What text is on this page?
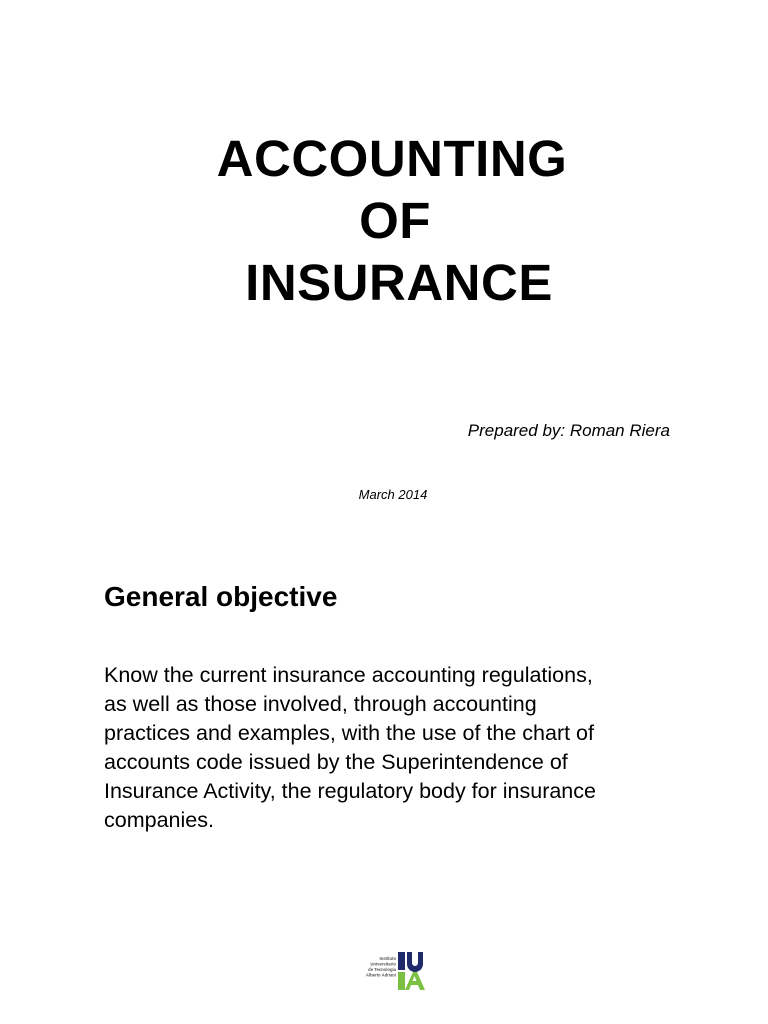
ACCOUNTING
OF
INSURANCE
Prepared by: Roman Riera
March 2014
General objective
Know the current insurance accounting regulations,
as well as those involved, through accounting
practices and examples, with the use of the chart of
accounts code issued by the Superintendence of
Insurance Activity, the regulatory body for insurance
companies.
Instituto
Universitario
de Tecnología
Alberto Adriani
